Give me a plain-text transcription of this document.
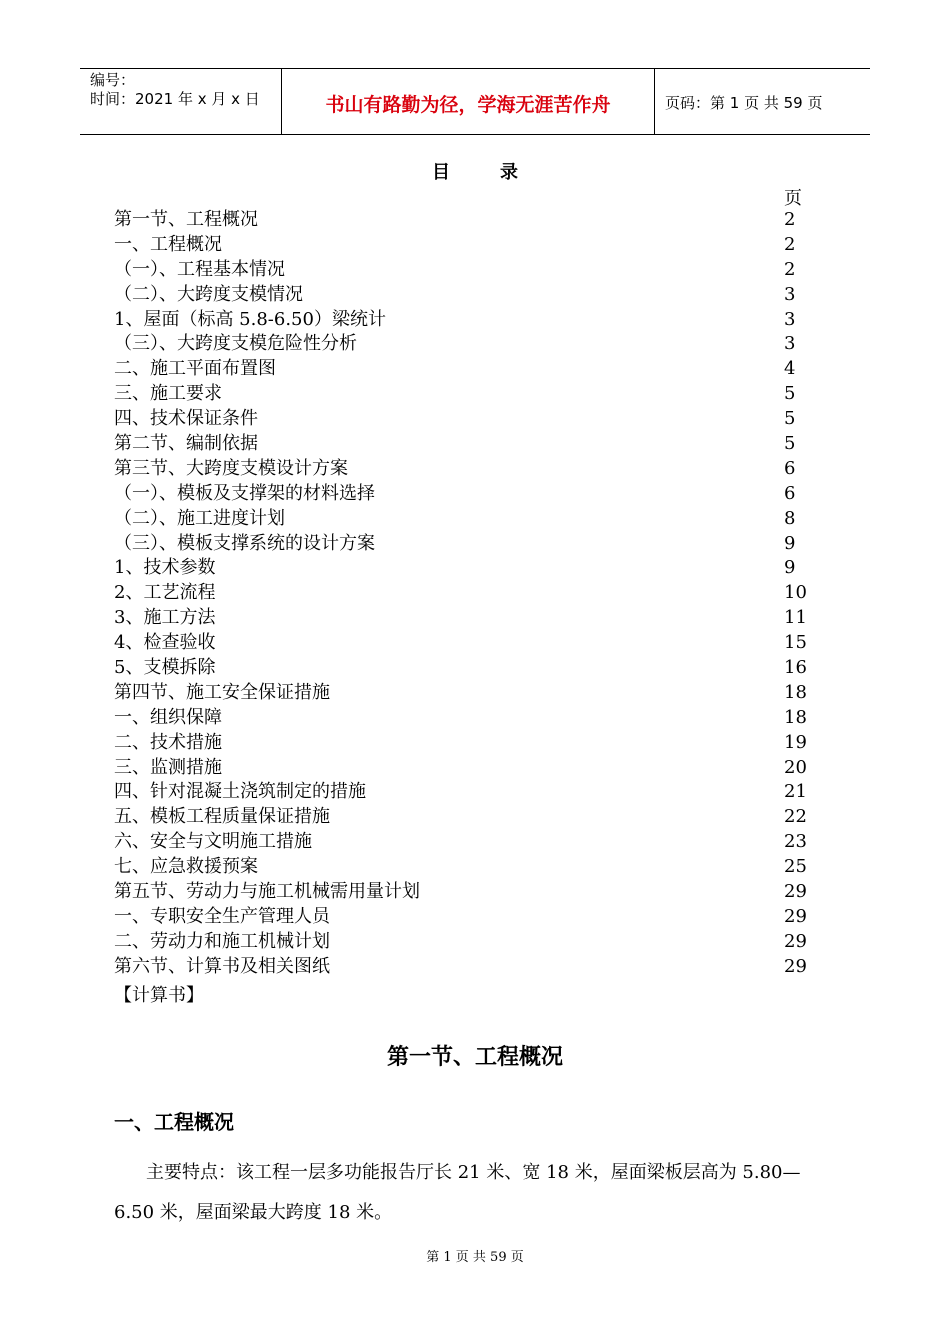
编号：
时间：2021 年 x 月 x 日	书山有路勤为径，学海无涯苦作舟	页码：第 1 页 共 59 页
目	录
页
第一节、工程概况	2
一、工程概况	2
（一）、工程基本情况	2
（二）、大跨度支模情况	3
1、屋面（标高 5.8-6.50）梁统计	3
（三）、大跨度支模危险性分析	3
二、施工平面布置图	4
三、施工要求	5
四、技术保证条件	5
第二节、编制依据	5
第三节、大跨度支模设计方案	6
（一）、模板及支撑架的材料选择	6
（二）、施工进度计划	8
（三）、模板支撑系统的设计方案	9
1、技术参数	9
2、工艺流程	10
3、施工方法	11
4、检查验收	15
5、支模拆除	16
第四节、施工安全保证措施	18
一、组织保障	18
二、技术措施	19
三、监测措施	20
四、针对混凝土浇筑制定的措施	21
五、模板工程质量保证措施	22
六、安全与文明施工措施	23
七、应急救援预案	25
第五节、劳动力与施工机械需用量计划	29
一、专职安全生产管理人员	29
二、劳动力和施工机械计划	29
第六节、计算书及相关图纸	29
【计算书】
第一节、工程概况
一、工程概况
主要特点：该工程一层多功能报告厅长 21 米、宽 18 米，屋面梁板层高为 5.80—6.50 米，屋面梁最大跨度 18 米。
第 1 页 共 59 页
